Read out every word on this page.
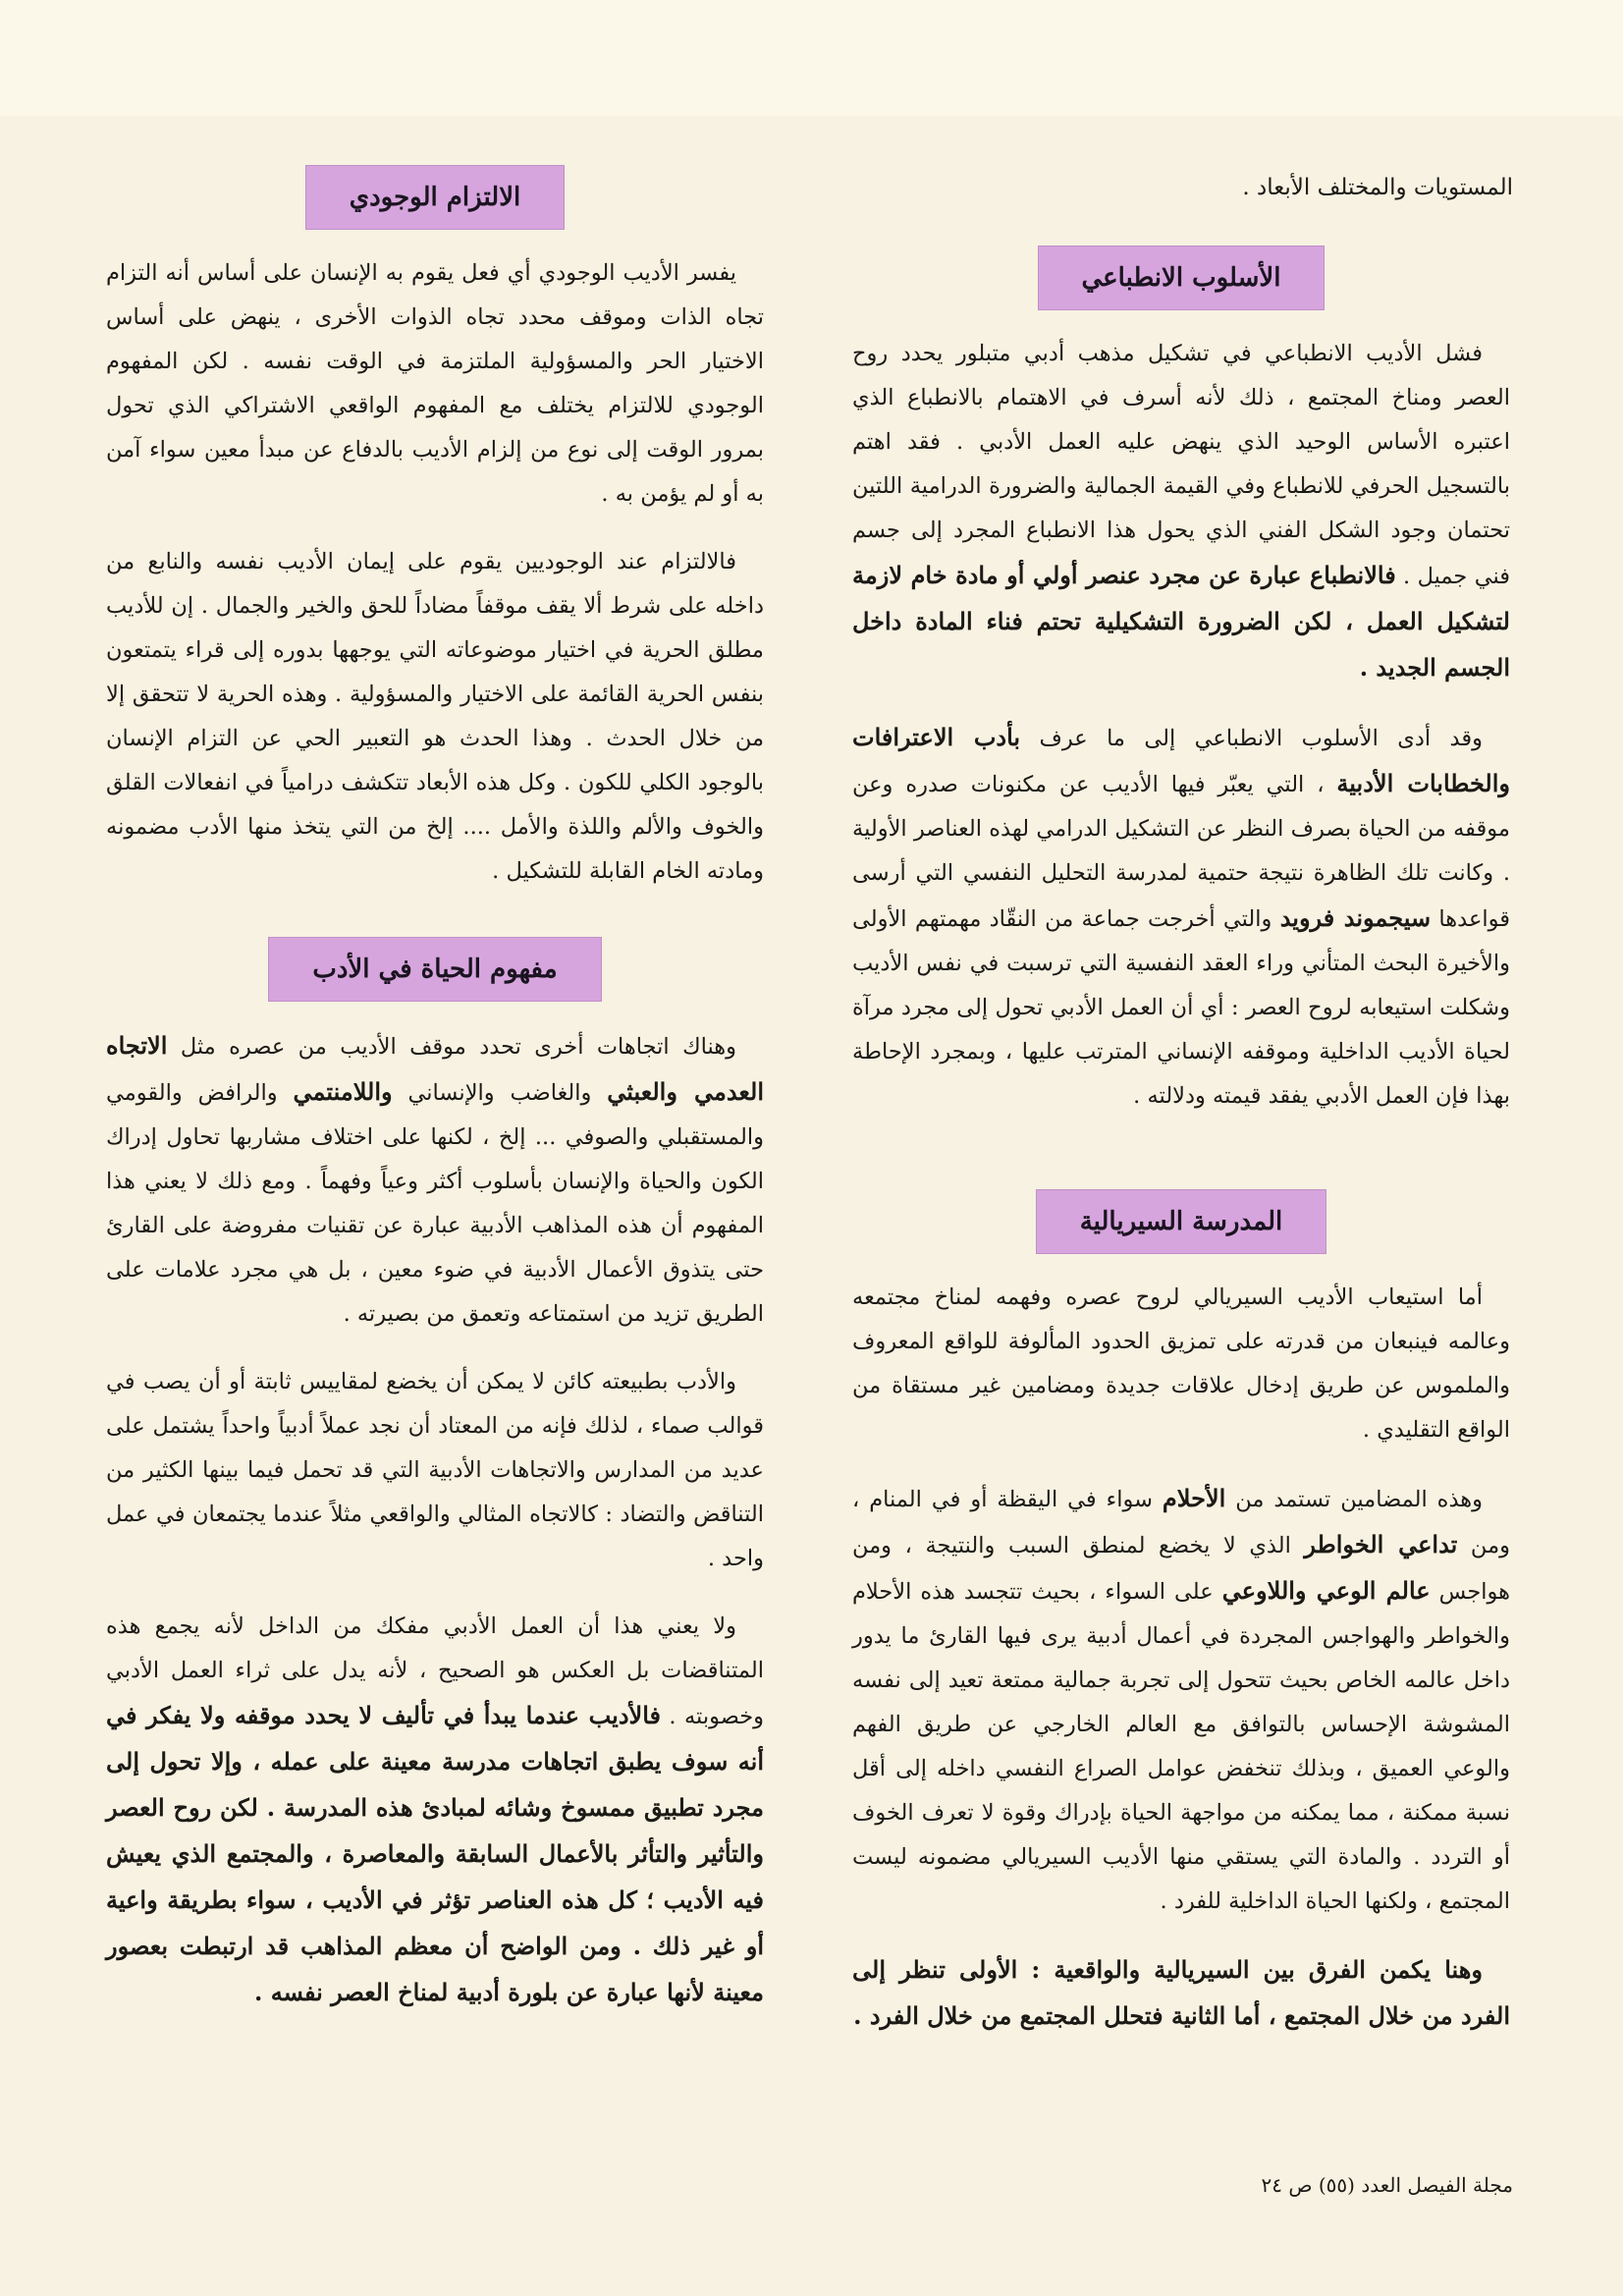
المستويات والمختلف الأبعاد .
الأسلوب الانطباعي

فشل الأديب الانطباعي في تشكيل مذهب أدبي متبلور يحدد روح العصر ومناخ المجتمع ، ذلك لأنه أسرف في الاهتمام بالانطباع الذي اعتبره الأساس الوحيد الذي ينهض عليه العمل الأدبي . فقد اهتم بالتسجيل الحرفي للانطباع وفي القيمة الجمالية والضرورة الدرامية اللتين تحتمان وجود الشكل الفني الذي يحول هذا الانطباع المجرد إلى جسم فني جميل . فالانطباع عبارة عن مجرد عنصر أولي أو مادة خام لازمة لتشكيل العمل ، لكن الضرورة التشكيلية تحتم فناء المادة داخل الجسم الجديد .

وقد أدى الأسلوب الانطباعي إلى ما عرف بأدب الاعترافات والخطابات الأدبية ، التي يعبّر فيها الأديب عن مكنونات صدره وعن موقفه من الحياة بصرف النظر عن التشكيل الدرامي لهذه العناصر الأولية . وكانت تلك الظاهرة نتيجة حتمية لمدرسة التحليل النفسي التي أرسى قواعدها سيجموند فرويد والتي أخرجت جماعة من النقّاد مهمتهم الأولى والأخيرة البحث المتأني وراء العقد النفسية التي ترسبت في نفس الأديب وشكلت استيعابه لروح العصر : أي أن العمل الأدبي تحول إلى مجرد مرآة لحياة الأديب الداخلية وموقفه الإنساني المترتب عليها ، وبمجرد الإحاطة بهذا فإن العمل الأدبي يفقد قيمته ودلالته .

المدرسة السيريالية

أما استيعاب الأديب السيريالي لروح عصره وفهمه لمناخ مجتمعه وعالمه فينبعان من قدرته على تمزيق الحدود المألوفة للواقع المعروف والملموس عن طريق إدخال علاقات جديدة ومضامين غير مستقاة من الواقع التقليدي .

وهذه المضامين تستمد من الأحلام سواء في اليقظة أو في المنام ، ومن تداعي الخواطر الذي لا يخضع لمنطق السبب والنتيجة ، ومن هواجس عالم الوعي واللاوعي على السواء ، بحيث تتجسد هذه الأحلام والخواطر والهواجس المجردة في أعمال أدبية يرى فيها القارئ ما يدور داخل عالمه الخاص بحيث تتحول إلى تجربة جمالية ممتعة تعيد إلى نفسه المشوشة الإحساس بالتوافق مع العالم الخارجي عن طريق الفهم والوعي العميق ، وبذلك تنخفض عوامل الصراع النفسي داخله إلى أقل نسبة ممكنة ، مما يمكنه من مواجهة الحياة بإدراك وقوة لا تعرف الخوف أو التردد . والمادة التي يستقي منها الأديب السيريالي مضمونه ليست المجتمع ، ولكنها الحياة الداخلية للفرد .

وهنا يكمن الفرق بين السيريالية والواقعية : الأولى تنظر إلى الفرد من خلال المجتمع ، أما الثانية فتحلل المجتمع من خلال الفرد .

الالتزام الوجودي

يفسر الأديب الوجودي أي فعل يقوم به الإنسان على أساس أنه التزام تجاه الذات وموقف محدد تجاه الذوات الأخرى ، ينهض على أساس الاختيار الحر والمسؤولية الملتزمة في الوقت نفسه . لكن المفهوم الوجودي للالتزام يختلف مع المفهوم الواقعي الاشتراكي الذي تحول بمرور الوقت إلى نوع من إلزام الأديب بالدفاع عن مبدأ معين سواء آمن به أو لم يؤمن به .

فالالتزام عند الوجوديين يقوم على إيمان الأديب نفسه والنابع من داخله على شرط ألا يقف موقفاً مضاداً للحق والخير والجمال . إن للأديب مطلق الحرية في اختيار موضوعاته التي يوجهها بدوره إلى قراء يتمتعون بنفس الحرية القائمة على الاختيار والمسؤولية . وهذه الحرية لا تتحقق إلا من خلال الحدث . وهذا الحدث هو التعبير الحي عن التزام الإنسان بالوجود الكلي للكون . وكل هذه الأبعاد تتكشف درامياً في انفعالات القلق والخوف والألم واللذة والأمل .... إلخ من التي يتخذ منها الأدب مضمونه ومادته الخام القابلة للتشكيل .

مفهوم الحياة في الأدب

وهناك اتجاهات أخرى تحدد موقف الأديب من عصره مثل الاتجاه العدمي والعبثي والغاضب والإنساني واللامنتمي والرافض والقومي والمستقبلي والصوفي ... إلخ ، لكنها على اختلاف مشاربها تحاول إدراك الكون والحياة والإنسان بأسلوب أكثر وعياً وفهماً . ومع ذلك لا يعني هذا المفهوم أن هذه المذاهب الأدبية عبارة عن تقنيات مفروضة على القارئ حتى يتذوق الأعمال الأدبية في ضوء معين ، بل هي مجرد علامات على الطريق تزيد من استمتاعه وتعمق من بصيرته .

والأدب بطبيعته كائن لا يمكن أن يخضع لمقاييس ثابتة أو أن يصب في قوالب صماء ، لذلك فإنه من المعتاد أن نجد عملاً أدبياً واحداً يشتمل على عديد من المدارس والاتجاهات الأدبية التي قد تحمل فيما بينها الكثير من التناقض والتضاد : كالاتجاه المثالي والواقعي مثلاً عندما يجتمعان في عمل واحد .

ولا يعني هذا أن العمل الأدبي مفكك من الداخل لأنه يجمع هذه المتناقضات بل العكس هو الصحيح ، لأنه يدل على ثراء العمل الأدبي وخصوبته . فالأديب عندما يبدأ في تأليف لا يحدد موقفه ولا يفكر في أنه سوف يطبق اتجاهات مدرسة معينة على عمله ، وإلا تحول إلى مجرد تطبيق ممسوخ وشائه لمبادئ هذه المدرسة . لكن روح العصر والتأثير والتأثر بالأعمال السابقة والمعاصرة ، والمجتمع الذي يعيش فيه الأديب ؛ كل هذه العناصر تؤثر في الأديب ، سواء بطريقة واعية أو غير ذلك . ومن الواضح أن معظم المذاهب قد ارتبطت بعصور معينة لأنها عبارة عن بلورة أدبية لمناخ العصر نفسه .

مجلة الفيصل العدد (٥٥) ص ٢٤
